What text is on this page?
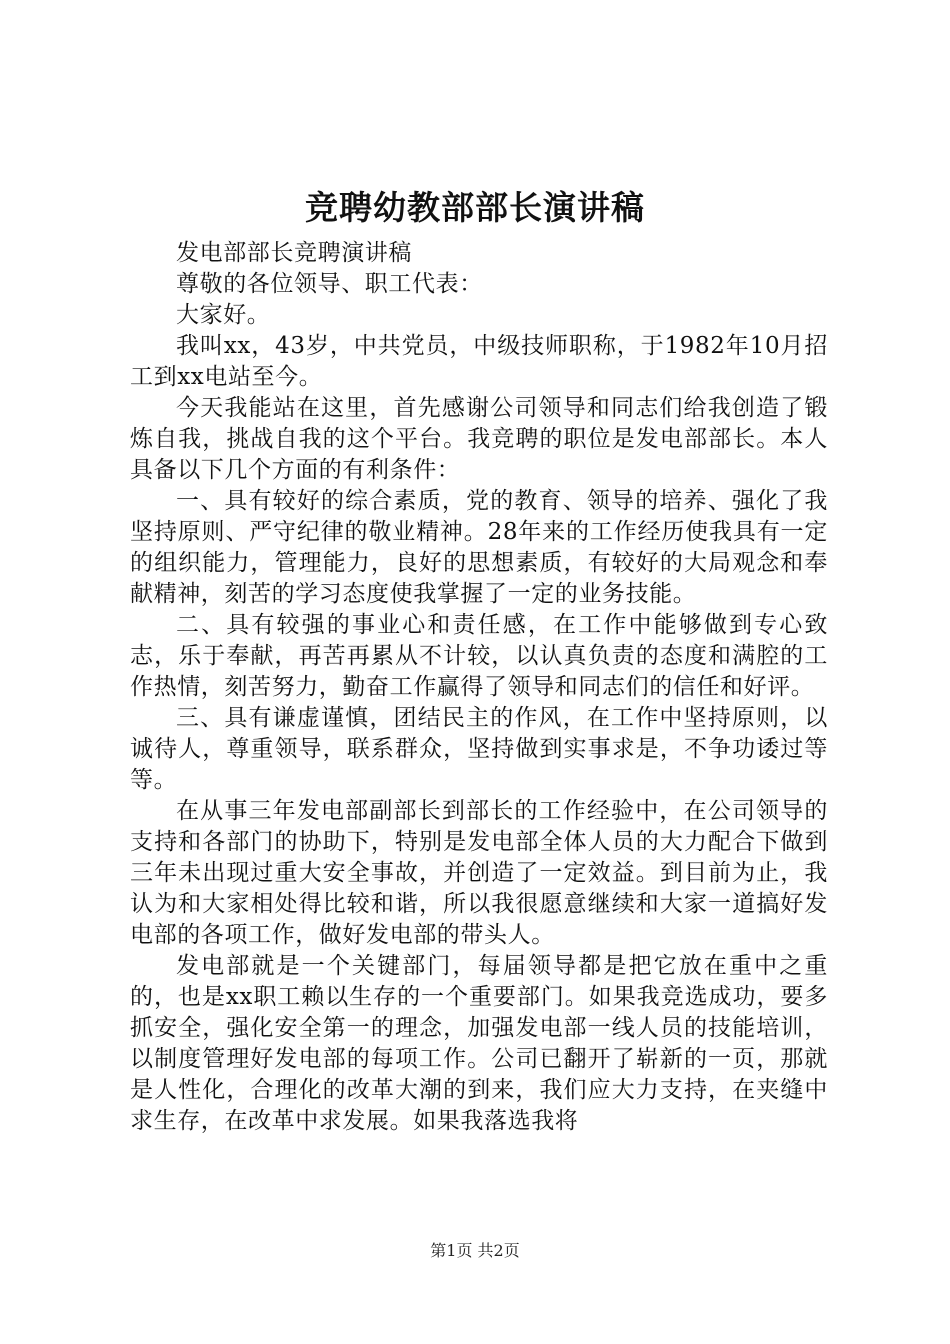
竞聘幼教部部长演讲稿

发电部部长竞聘演讲稿

尊敬的各位领导、职工代表：

大家好。

我叫xx，43岁，中共党员，中级技师职称，于1982年10月招工到xx电站至今。

今天我能站在这里，首先感谢公司领导和同志们给我创造了锻炼自我，挑战自我的这个平台。我竞聘的职位是发电部部长。本人具备以下几个方面的有利条件：

一、具有较好的综合素质，党的教育、领导的培养、强化了我坚持原则、严守纪律的敬业精神。28年来的工作经历使我具有一定的组织能力，管理能力，良好的思想素质，有较好的大局观念和奉献精神，刻苦的学习态度使我掌握了一定的业务技能。

二、具有较强的事业心和责任感，在工作中能够做到专心致志，乐于奉献，再苦再累从不计较，以认真负责的态度和满腔的工作热情，刻苦努力，勤奋工作赢得了领导和同志们的信任和好评。

三、具有谦虚谨慎，团结民主的作风，在工作中坚持原则，以诚待人，尊重领导，联系群众，坚持做到实事求是，不争功诿过等等。

在从事三年发电部副部长到部长的工作经验中，在公司领导的支持和各部门的协助下，特别是发电部全体人员的大力配合下做到三年未出现过重大安全事故，并创造了一定效益。到目前为止，我认为和大家相处得比较和谐，所以我很愿意继续和大家一道搞好发电部的各项工作，做好发电部的带头人。

发电部就是一个关键部门，每届领导都是把它放在重中之重的，也是xx职工赖以生存的一个重要部门。如果我竞选成功，要多抓安全，强化安全第一的理念，加强发电部一线人员的技能培训，以制度管理好发电部的每项工作。公司已翻开了崭新的一页，那就是人性化，合理化的改革大潮的到来，我们应大力支持，在夹缝中求生存，在改革中求发展。如果我落选我将

第1页 共2页
